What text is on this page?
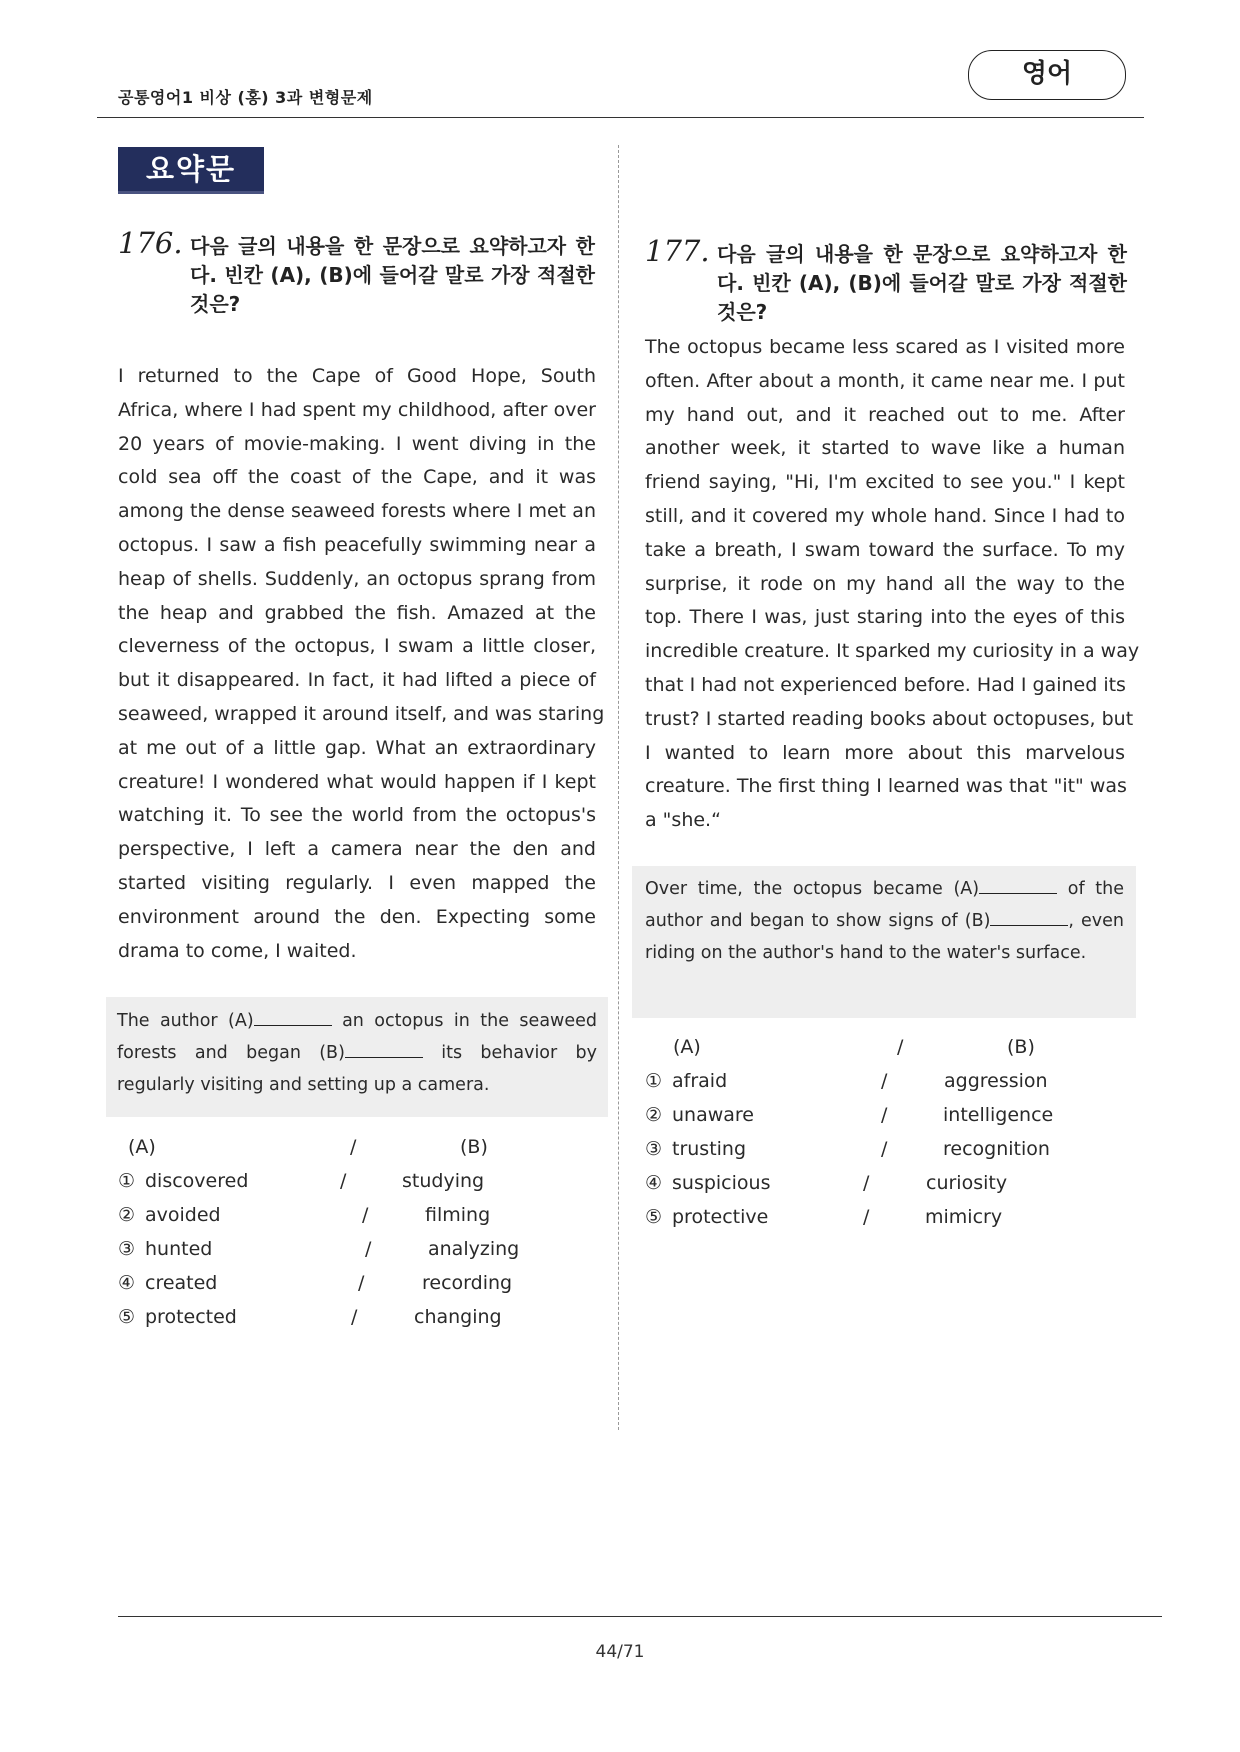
공통영어1 비상 (홍) 3과 변형문제
영어
요약문
176. 다음 글의 내용을 한 문장으로 요약하고자 한다. 빈칸 (A), (B)에 들어갈 말로 가장 적절한 것은?
I returned to the Cape of Good Hope, South
Africa, where I had spent my childhood, after over
20 years of movie-making. I went diving in the
cold sea off the coast of the Cape, and it was
among the dense seaweed forests where I met an
octopus. I saw a fish peacefully swimming near a
heap of shells. Suddenly, an octopus sprang from
the heap and grabbed the fish. Amazed at the
cleverness of the octopus, I swam a little closer,
but it disappeared. In fact, it had lifted a piece of
seaweed, wrapped it around itself, and was staring
at me out of a little gap. What an extraordinary
creature! I wondered what would happen if I kept
watching it. To see the world from the octopus's
perspective, I left a camera near the den and
started visiting regularly. I even mapped the
environment around the den. Expecting some
drama to come, I waited.
The author (A)	an octopus in the seaweed forests and began (B)	its behavior by regularly visiting and setting up a camera.
(A)	/	(B)
① discovered	/	studying
② avoided	/	filming
③ hunted	/	analyzing
④ created	/	recording
⑤ protected	/	changing
177. 다음 글의 내용을 한 문장으로 요약하고자 한다. 빈칸 (A), (B)에 들어갈 말로 가장 적절한 것은?
The octopus became less scared as I visited more
often. After about a month, it came near me. I put
my hand out, and it reached out to me. After
another week, it started to wave like a human
friend saying, "Hi, I'm excited to see you." I kept
still, and it covered my whole hand. Since I had to
take a breath, I swam toward the surface. To my
surprise, it rode on my hand all the way to the
top. There I was, just staring into the eyes of this
incredible creature. It sparked my curiosity in a way
that I had not experienced before. Had I gained its
trust? I started reading books about octopuses, but
I wanted to learn more about this marvelous
creature. The first thing I learned was that "it" was
a "she.“
Over time, the octopus became (A)	of the author and began to show signs of (B)	, even riding on the author's hand to the water's surface.
(A)	/	(B)
① afraid	/	aggression
② unaware	/	intelligence
③ trusting	/	recognition
④ suspicious	/	curiosity
⑤ protective	/	mimicry
44/71
